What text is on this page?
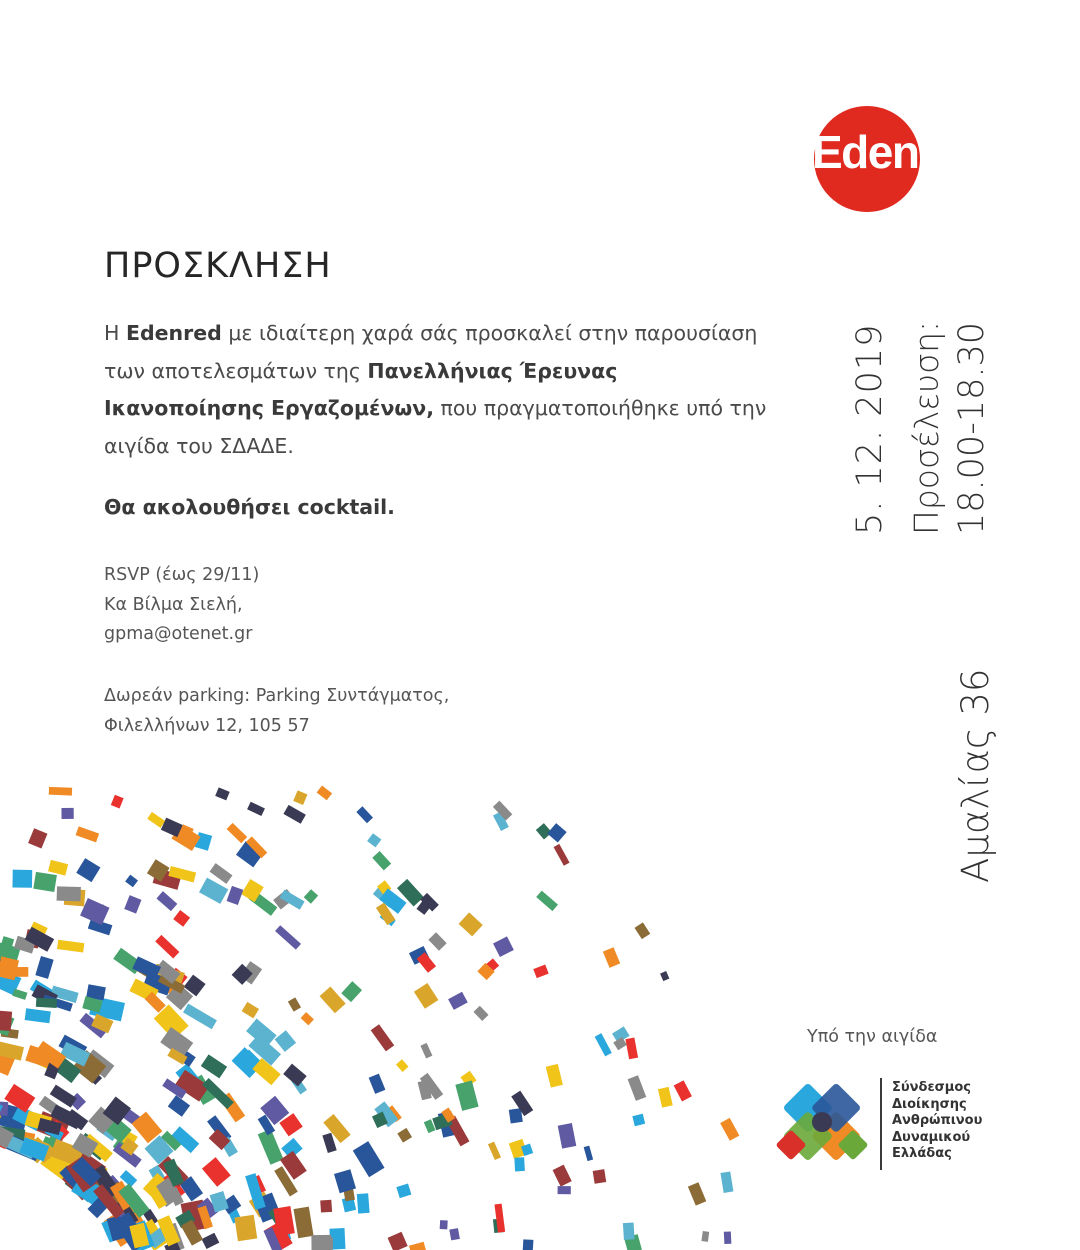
Edenred
ΠΡΟΣΚΛΗΣΗ

Η Edenred με ιδιαίτερη χαρά σάς προσκαλεί στην παρουσίαση των αποτελεσμάτων της Πανελλήνιας Έρευνας Ικανοποίησης Εργαζομένων, που πραγματοποιήθηκε υπό την αιγίδα του ΣΔΑΔΕ.

Θα ακολουθήσει cocktail.

RSVP (έως 29/11)
Κα Βίλμα Σιελή,
gpma@otenet.gr
Δωρεάν parking: Parking Συντάγματος,
Φιλελλήνων 12, 105 57
5. 12. 2019 Προσέλευση: 18.00-18.30
Αμαλίας 36
Υπό την αιγίδα
Σύνδεσμος
Διοίκησης
Ανθρώπινου
Δυναμικού
Ελλάδας
